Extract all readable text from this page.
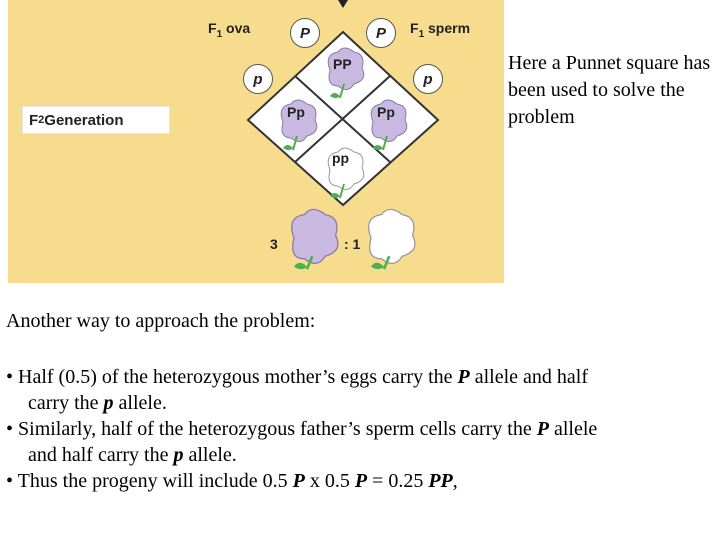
$F_1$ ova	$F_1$ sperm
P	P
p	p
F 2 Generation
PP
Pp	Pp
pp
3	: 1
Here a Punnet square has been used to solve the problem
Another way to approach the problem:

• Half (0.5) of the heterozygous mother’s eggs carry the P allele and half
carry the p allele.

• Similarly, half of the heterozygous father’s sperm cells carry the P allele
and half carry the p allele.

• Thus the progeny will include 0.5 P x 0.5 P = 0.25 PP,
